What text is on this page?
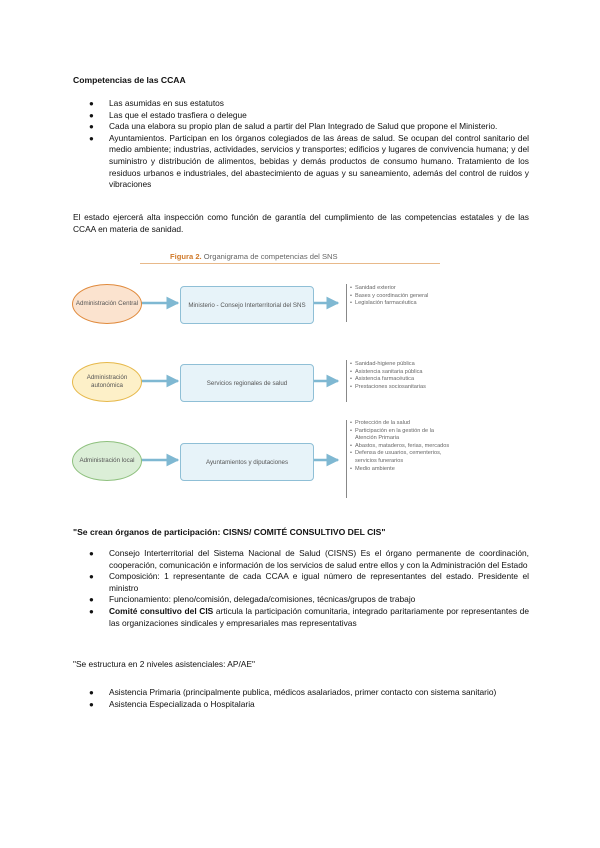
Competencias de las CCAA
● Las asumidas en sus estatutos
● Las que el estado trasfiera o delegue
● Cada una elabora su propio plan de salud a partir del Plan Integrado de Salud que propone el Ministerio.
● Ayuntamientos. Participan en los órganos colegiados de las áreas de salud. Se ocupan del control sanitario del medio ambiente; industrias, actividades, servicios y transportes; edificios y lugares de convivencia humana; y del suministro y distribución de alimentos, bebidas y demás productos de consumo humano. Tratamiento de los residuos urbanos e industriales, del abastecimiento de aguas y su saneamiento, además del control de ruidos y vibraciones
El estado ejercerá alta inspección como función de garantía del cumplimiento de las competencias estatales y de las CCAA en materia de sanidad.
Figura 2. Organigrama de competencias del SNS
Administración Central	Ministerio - Consejo Interterritorial del SNS
• Sanidad exterior
• Bases y coordinación general
• Legislación farmacéutica
Administración autonómica	Servicios regionales de salud
• Sanidad-higiene pública
• Asistencia sanitaria pública
• Asistencia farmacéutica
• Prestaciones sociosanitarias
Administración local	Ayuntamientos y diputaciones
• Protección de la salud
• Participación en la gestión de la Atención Primaria
• Abastos, mataderos, ferias, mercados
• Defensa de usuarios, cementerios, servicios funerarios
• Medio ambiente
"Se crean órganos de participación: CISNS/ COMITÉ CONSULTIVO DEL CIS"
● Consejo Interterritorial del Sistema Nacional de Salud (CISNS) Es el órgano permanente de coordinación, cooperación, comunicación e información de los servicios de salud entre ellos y con la Administración del Estado
● Composición: 1 representante de cada CCAA e igual número de representantes del estado. Presidente el ministro
● Funcionamiento: pleno/comisión, delegada/comisiones, técnicas/grupos de trabajo
● Comité consultivo del CIS articula la participación comunitaria, integrado paritariamente por representantes de las organizaciones sindicales y empresariales mas representativas
"Se estructura en 2 niveles asistenciales: AP/AE"
● Asistencia Primaria (principalmente publica, médicos asalariados, primer contacto con sistema sanitario)
● Asistencia Especializada o Hospitalaria
